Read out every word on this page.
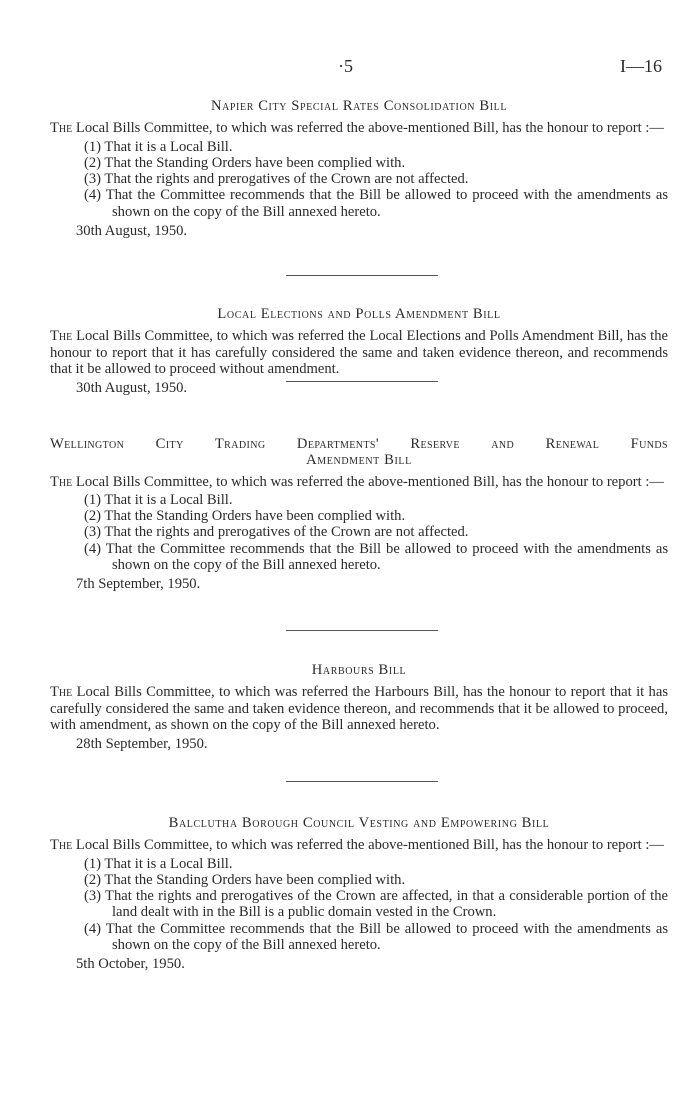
·5	I—16
Napier City Special Rates Consolidation Bill

The Local Bills Committee, to which was referred the above-mentioned Bill, has the honour to report :—

(1) That it is a Local Bill.
(2) That the Standing Orders have been complied with.
(3) That the rights and prerogatives of the Crown are not affected.
(4) That the Committee recommends that the Bill be allowed to proceed with the amendments as shown on the copy of the Bill annexed hereto.
30th August, 1950.
Local Elections and Polls Amendment Bill

The Local Bills Committee, to which was referred the Local Elections and Polls Amendment Bill, has the honour to report that it has carefully considered the same and taken evidence thereon, and recommends that it be allowed to proceed without amendment.

30th August, 1950.
Wellington City Trading Departments' Reserve and Renewal Funds
Amendment Bill

The Local Bills Committee, to which was referred the above-mentioned Bill, has the honour to report :—

(1) That it is a Local Bill.
(2) That the Standing Orders have been complied with.
(3) That the rights and prerogatives of the Crown are not affected.
(4) That the Committee recommends that the Bill be allowed to proceed with the amendments as shown on the copy of the Bill annexed hereto.
7th September, 1950.
Harbours Bill

The Local Bills Committee, to which was referred the Harbours Bill, has the honour to report that it has carefully considered the same and taken evidence thereon, and recommends that it be allowed to proceed, with amendment, as shown on the copy of the Bill annexed hereto.

28th September, 1950.
Balclutha Borough Council Vesting and Empowering Bill

The Local Bills Committee, to which was referred the above-mentioned Bill, has the honour to report :—

(1) That it is a Local Bill.
(2) That the Standing Orders have been complied with.
(3) That the rights and prerogatives of the Crown are affected, in that a considerable portion of the land dealt with in the Bill is a public domain vested in the Crown.
(4) That the Committee recommends that the Bill be allowed to proceed with the amendments as shown on the copy of the Bill annexed hereto.
5th October, 1950.
